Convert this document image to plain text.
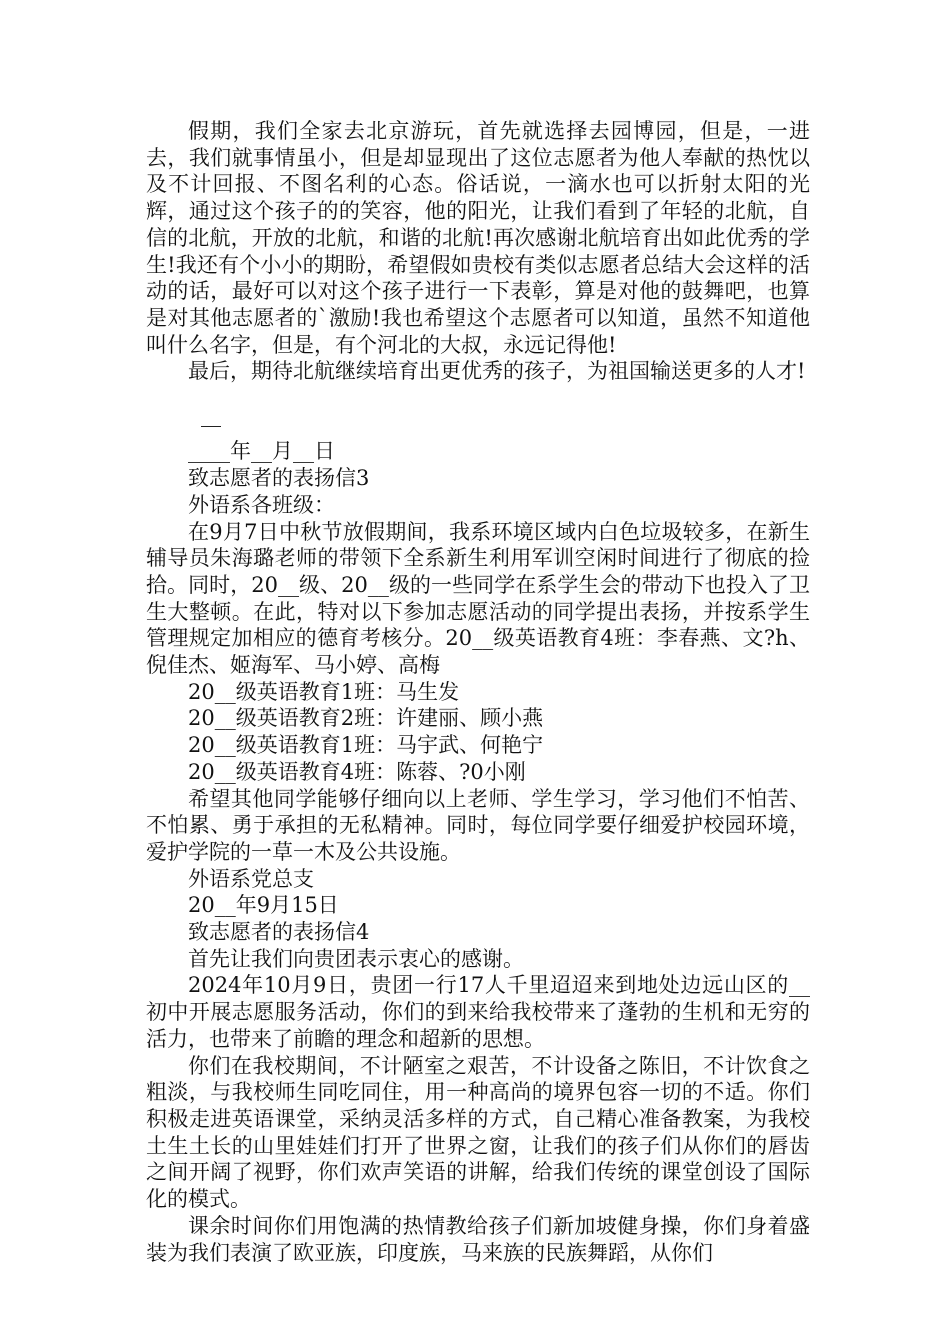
假期，我们全家去北京游玩，首先就选择去园博园，但是，一进去，我们就事情虽小，但是却显现出了这位志愿者为他人奉献的热忱以及不计回报、不图名利的心态。俗话说，一滴水也可以折射太阳的光辉，通过这个孩子的的笑容，他的阳光，让我们看到了年轻的北航，自信的北航，开放的北航，和谐的北航!再次感谢北航培育出如此优秀的学生!我还有个小小的期盼，希望假如贵校有类似志愿者总结大会这样的活动的话，最好可以对这个孩子进行一下表彰，算是对他的鼓舞吧，也算是对其他志愿者的`激励!我也希望这个志愿者可以知道，虽然不知道他叫什么名字，但是，有个河北的大叔，永远记得他!

最后，期待北航继续培育出更优秀的孩子，为祖国输送更多的人才!

____年__月__日

致志愿者的表扬信3

外语系各班级：

在9月7日中秋节放假期间，我系环境区域内白色垃圾较多，在新生辅导员朱海璐老师的带领下全系新生利用军训空闲时间进行了彻底的捡拾。同时，20__级、20__级的一些同学在系学生会的带动下也投入了卫生大整顿。在此，特对以下参加志愿活动的同学提出表扬，并按系学生管理规定加相应的德育考核分。20__级英语教育4班：李春燕、文?h、倪佳杰、姬海军、马小婷、高梅

20__级英语教育1班：马生发

20__级英语教育2班：许建丽、顾小燕

20__级英语教育1班：马宇武、何艳宁

20__级英语教育4班：陈蓉、?0小刚

希望其他同学能够仔细向以上老师、学生学习，学习他们不怕苦、不怕累、勇于承担的无私精神。同时，每位同学要仔细爱护校园环境，爱护学院的一草一木及公共设施。

外语系党总支

20__年9月15日

致志愿者的表扬信4

首先让我们向贵团表示衷心的感谢。

2024年10月9日，贵团一行17人千里迢迢来到地处边远山区的__初中开展志愿服务活动，你们的到来给我校带来了蓬勃的生机和无穷的活力，也带来了前瞻的理念和超新的思想。

你们在我校期间，不计陋室之艰苦，不计设备之陈旧，不计饮食之粗淡，与我校师生同吃同住，用一种高尚的境界包容一切的不适。你们积极走进英语课堂，采纳灵活多样的方式，自己精心准备教案，为我校土生土长的山里娃娃们打开了世界之窗，让我们的孩子们从你们的唇齿之间开阔了视野，你们欢声笑语的讲解，给我们传统的课堂创设了国际化的模式。

课余时间你们用饱满的热情教给孩子们新加坡健身操，你们身着盛装为我们表演了欧亚族，印度族，马来族的民族舞蹈，从你们
